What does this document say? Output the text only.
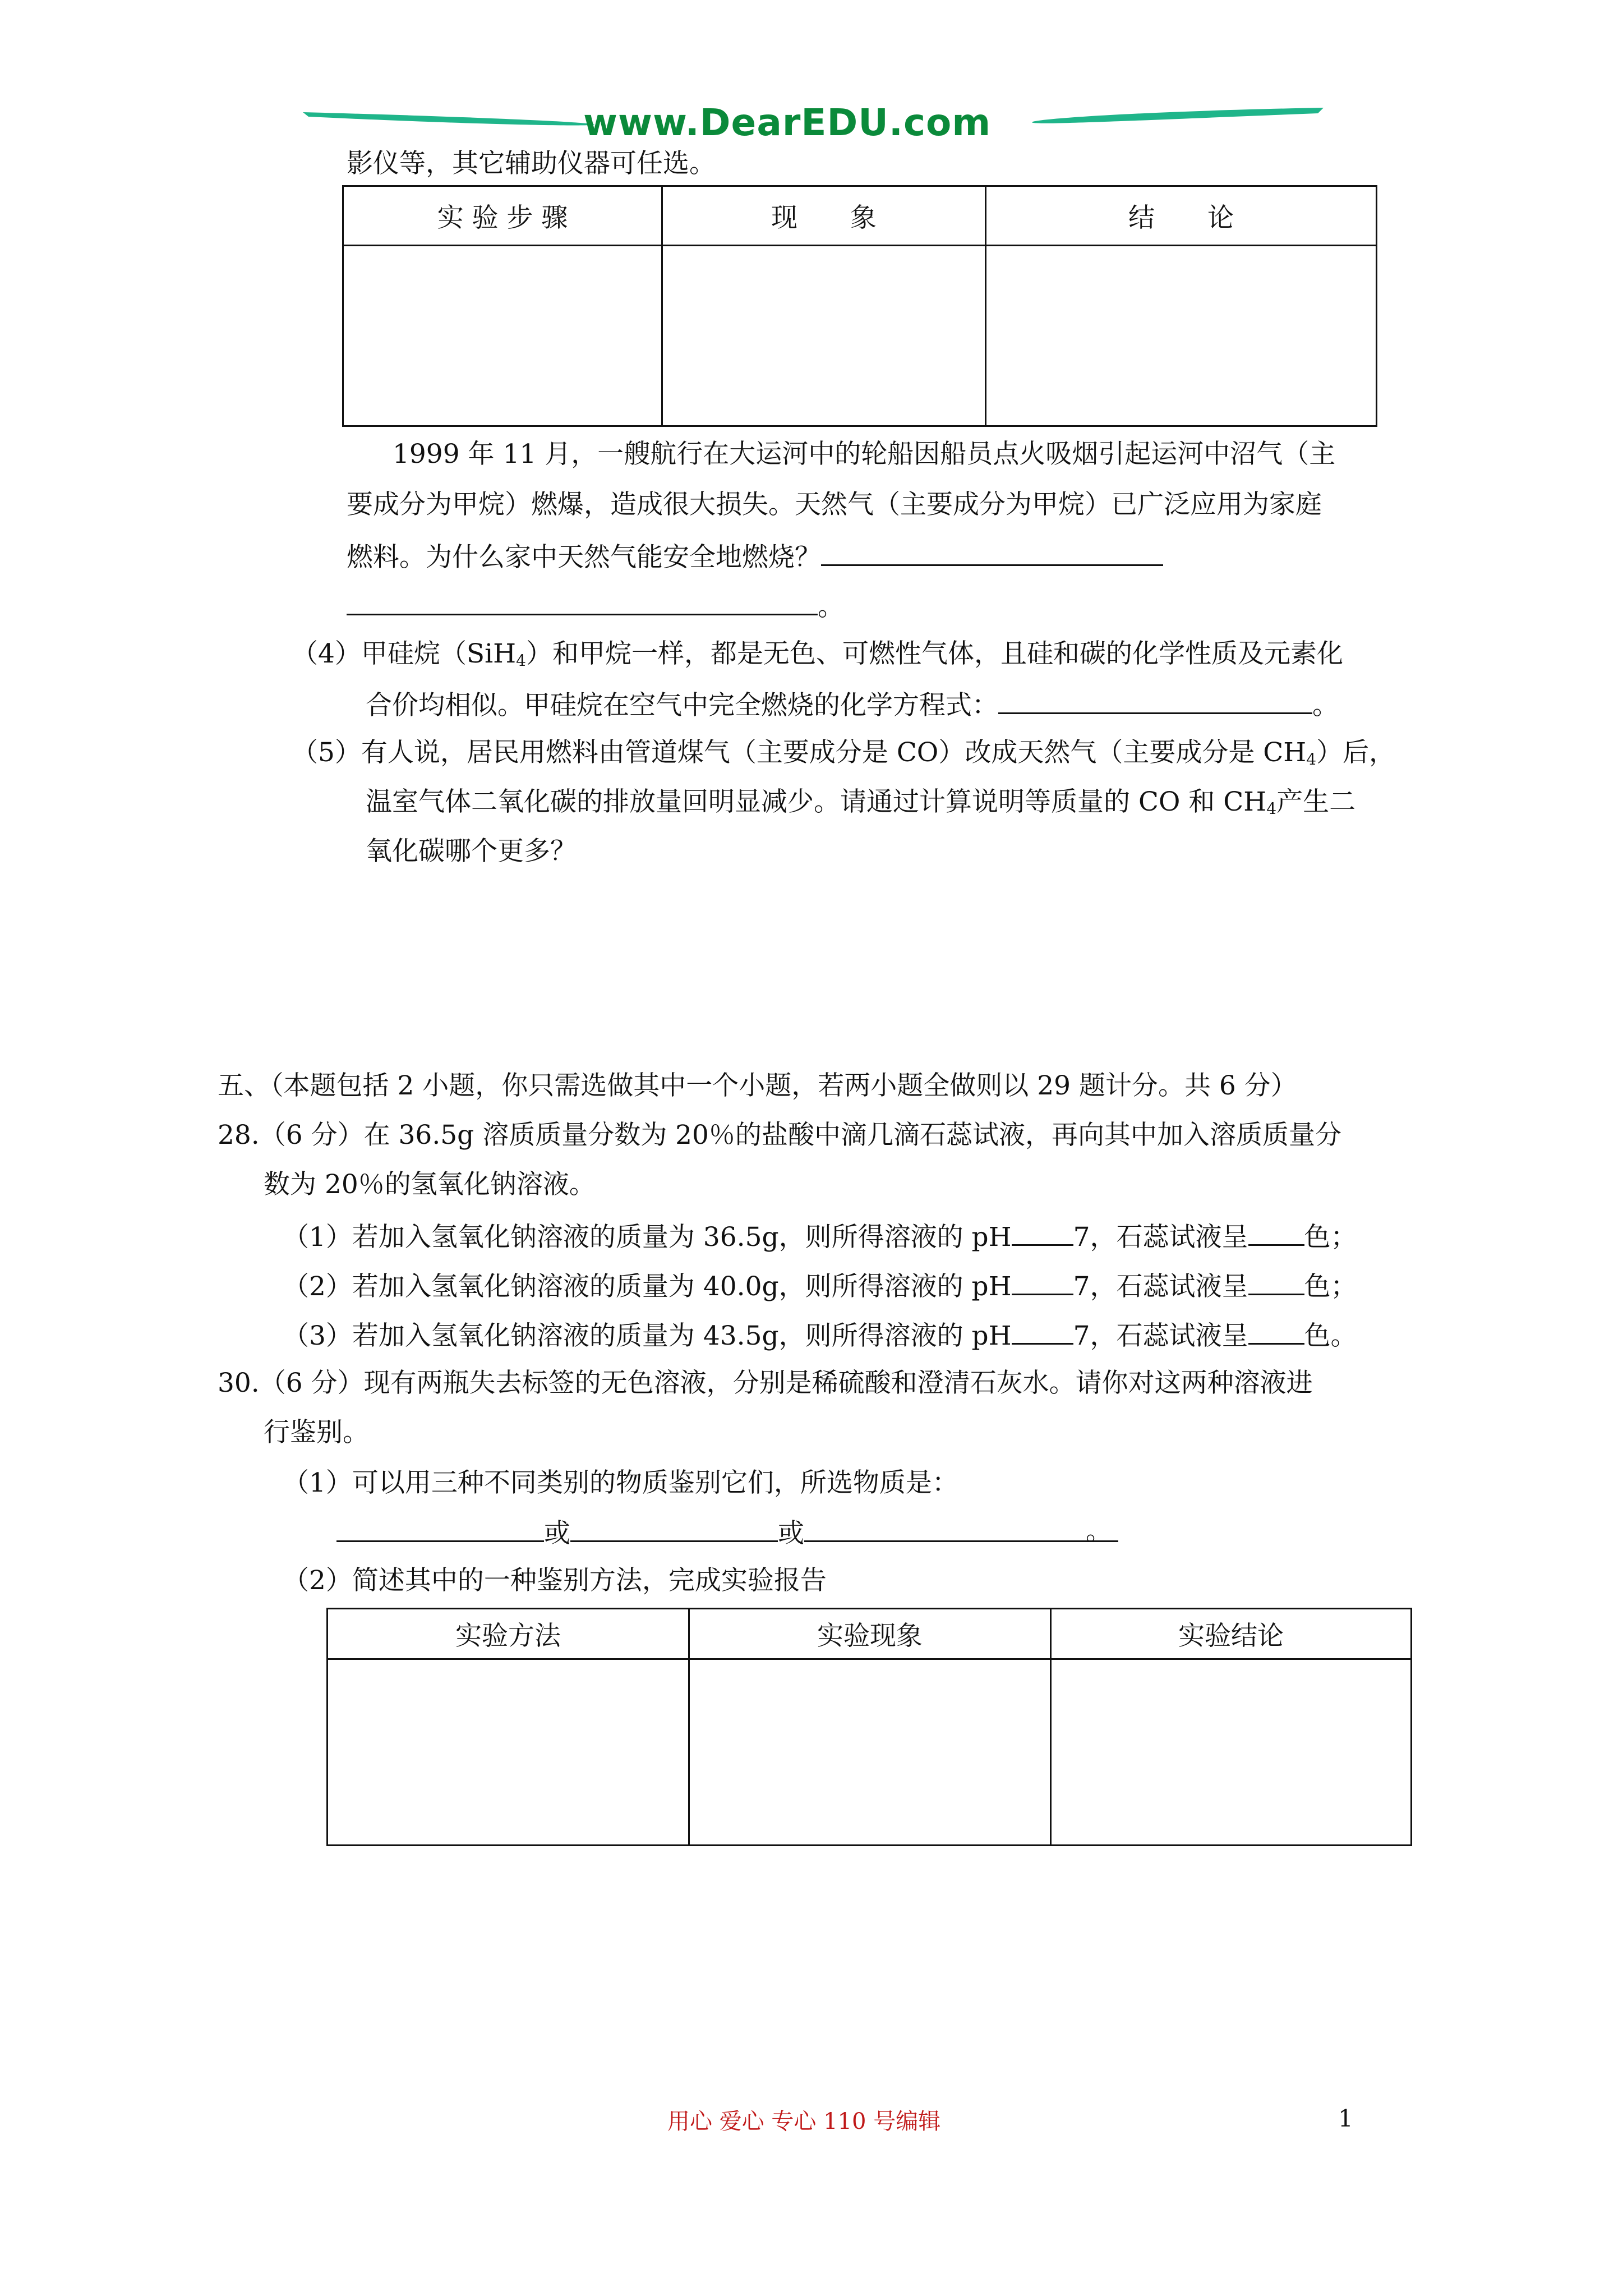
www.DearEDU.com
影仪等，其它辅助仪器可任选。
实 验 步 骤	现　　象	结　　论

1999 年 11 月，一艘航行在大运河中的轮船因船员点火吸烟引起运河中沼气（主
要成分为甲烷）燃爆，造成很大损失。天然气（主要成分为甲烷）已广泛应用为家庭
燃料。为什么家中天然气能安全地燃烧？
。
（4）甲硅烷（SiH$_4$）和甲烷一样，都是无色、可燃性气体，且硅和碳的化学性质及元素化
合价均相似。甲硅烷在空气中完全燃烧的化学方程式：	。
（5）有人说，居民用燃料由管道煤气（主要成分是 CO）改成天然气（主要成分是 $CH_4$）后，
温室气体二氧化碳的排放量回明显减少。请通过计算说明等质量的 CO 和 $CH_4$产生二
氧化碳哪个更多？
五、（本题包括 2 小题，你只需选做其中一个小题，若两小题全做则以 29 题计分。共 6 分）
28.（6 分）在 36.5g 溶质质量分数为 20％的盐酸中滴几滴石蕊试液，再向其中加入溶质质量分
数为 20％的氢氧化钠溶液。
（1）若加入氢氧化钠溶液的质量为 36.5g，则所得溶液的 pH 7，石蕊试液呈 色；
（2）若加入氢氧化钠溶液的质量为 40.0g，则所得溶液的 pH 7，石蕊试液呈 色；
（3）若加入氢氧化钠溶液的质量为 43.5g，则所得溶液的 pH 7，石蕊试液呈 色。
30.（6 分）现有两瓶失去标签的无色溶液，分别是稀硫酸和澄清石灰水。请你对这两种溶液进
行鉴别。
（1）可以用三种不同类别的物质鉴别它们，所选物质是：
或	或	。
（2）简述其中的一种鉴别方法，完成实验报告
实验方法	实验现象	实验结论

用心 爱心 专心 110 号编辑	1
